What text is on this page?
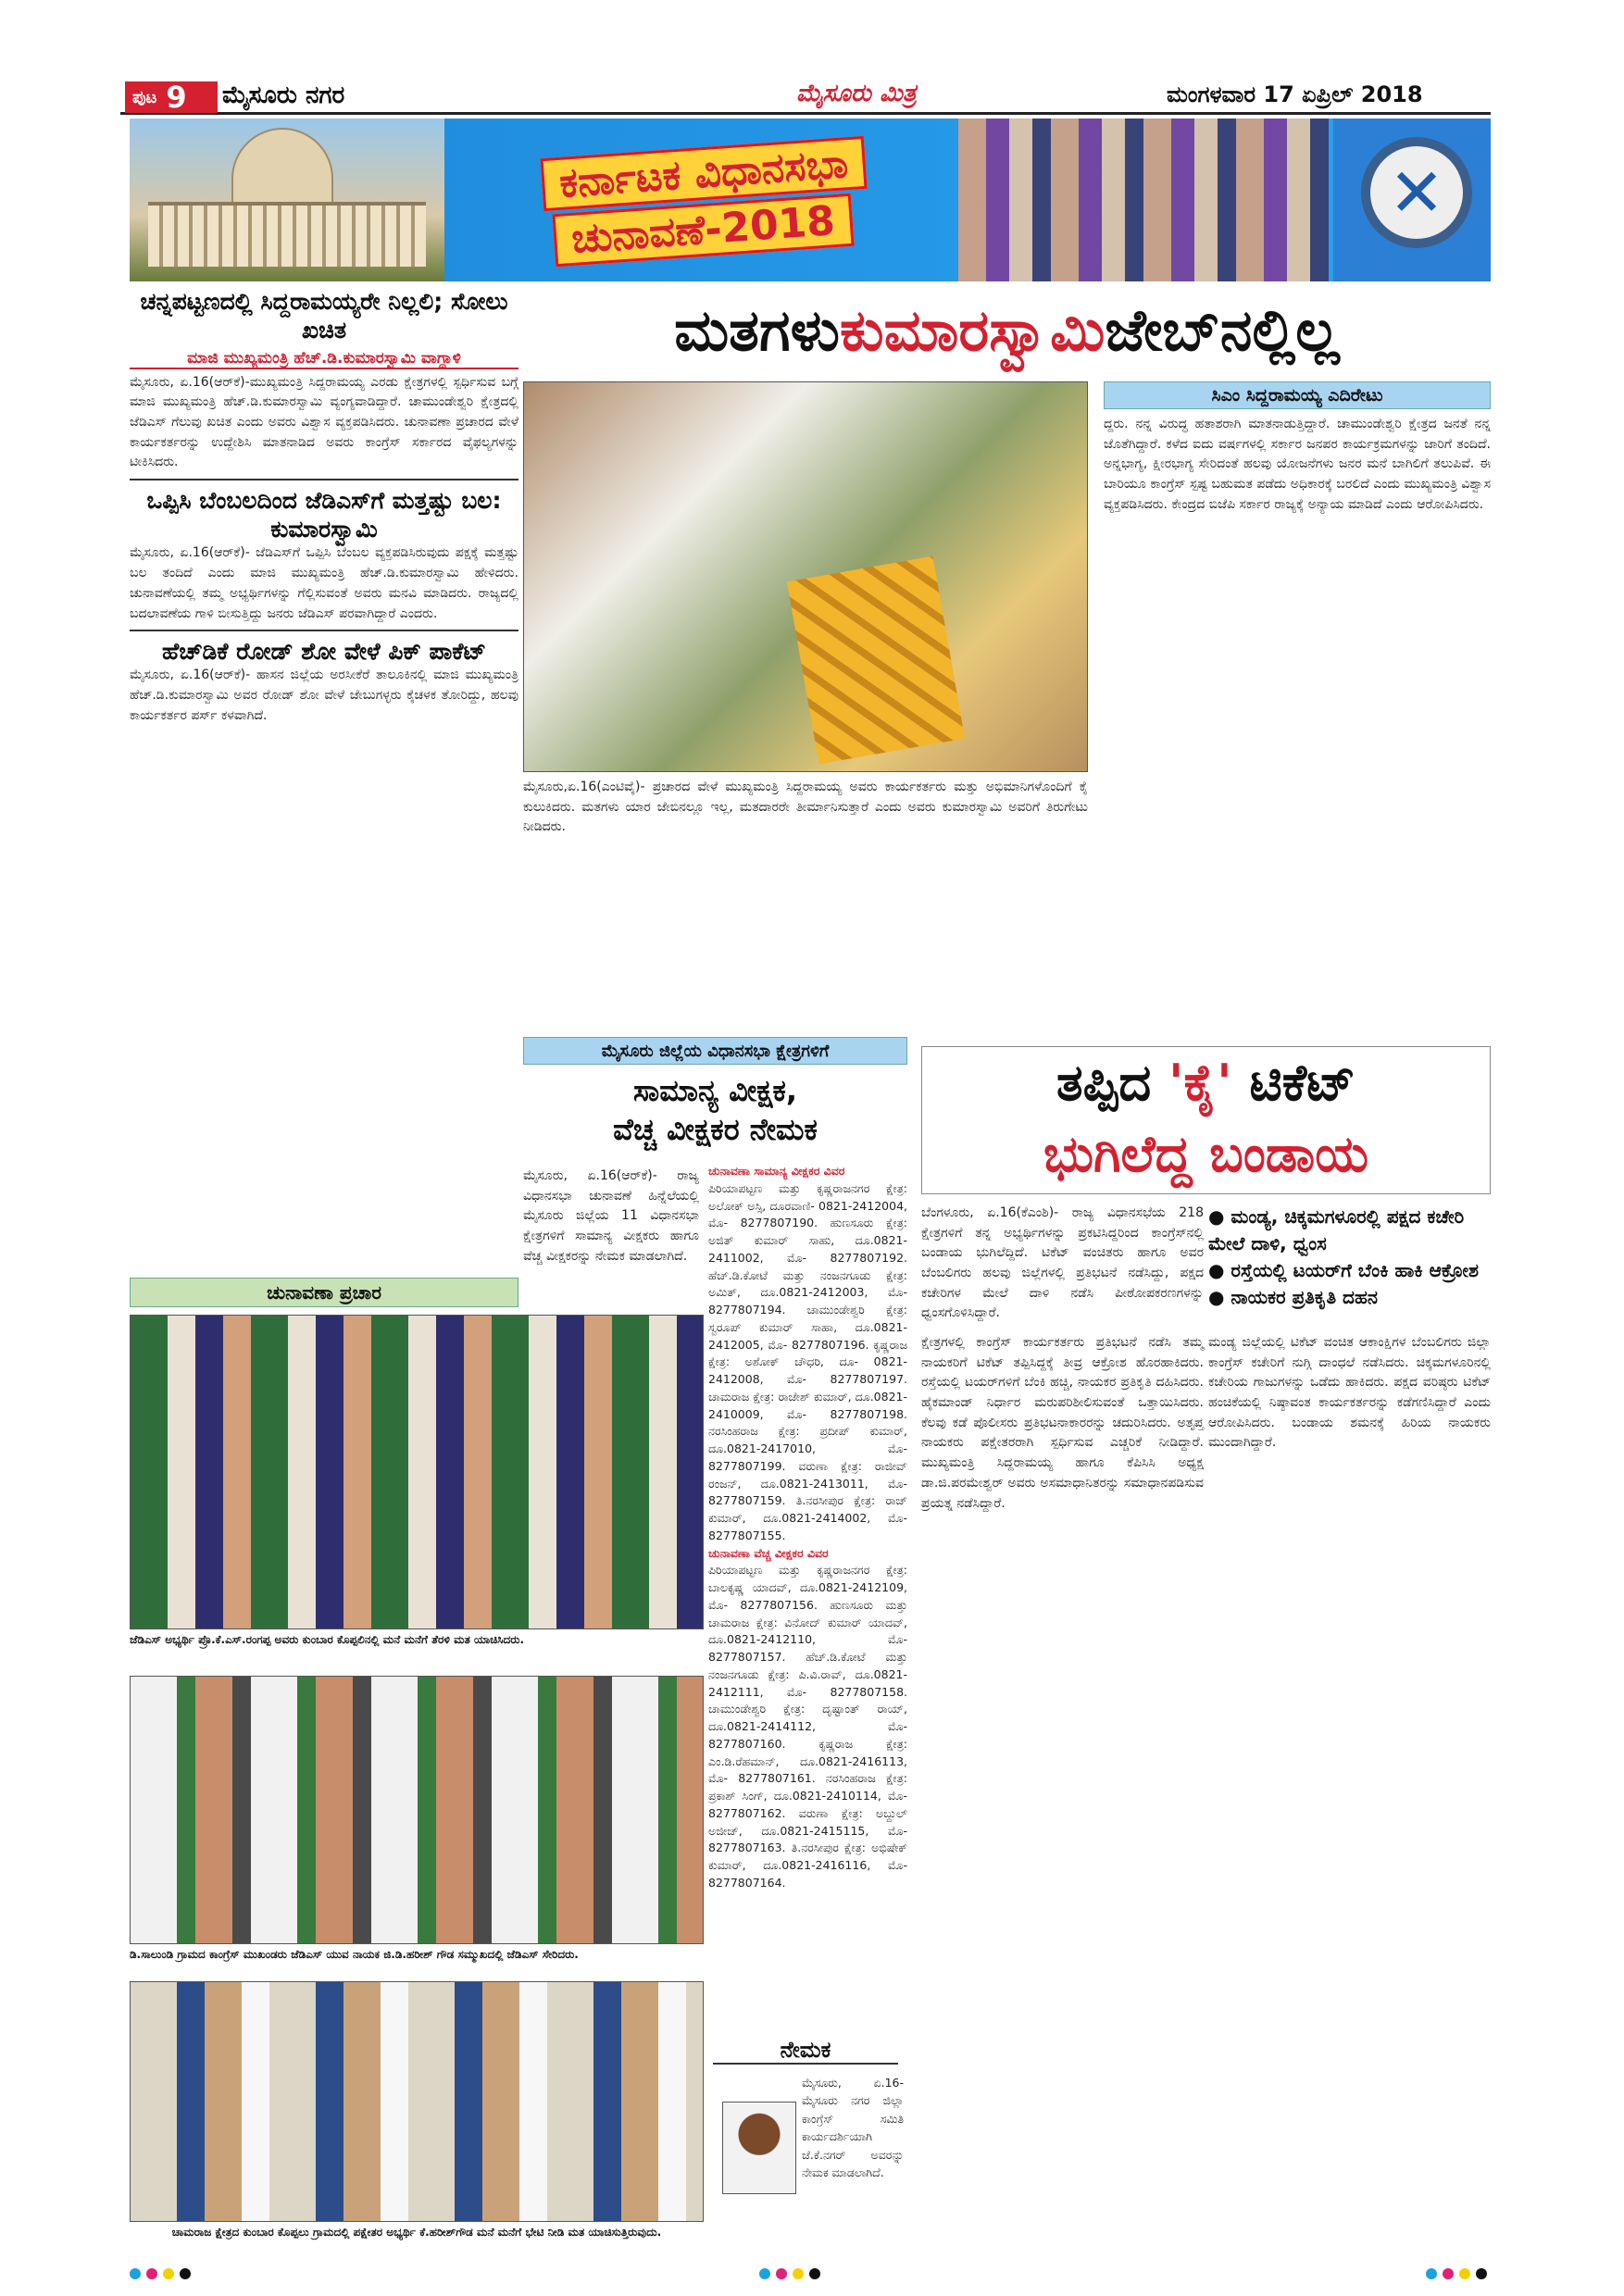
ಪುಟ 9 ಮೈಸೂರು ನಗರ	ಮೈಸೂರು ಮಿತ್ರ	ಮಂಗಳವಾರ 17 ಏಪ್ರಿಲ್ 2018
ಕರ್ನಾಟಕ ವಿಧಾನಸಭಾ
ಚುನಾವಣೆ-2018	✕
ಚನ್ನಪಟ್ಟಣದಲ್ಲಿ ಸಿದ್ದರಾಮಯ್ಯರೇ ನಿಲ್ಲಲಿ; ಸೋಲು ಖಚಿತ
ಮಾಜಿ ಮುಖ್ಯಮಂತ್ರಿ ಹೆಚ್.ಡಿ.ಕುಮಾರಸ್ವಾಮಿ ವಾಗ್ದಾಳಿ
ಮೈಸೂರು, ಏ.16(ಆರ್‌ಕೆ)-ಮುಖ್ಯಮಂತ್ರಿ ಸಿದ್ದರಾಮಯ್ಯ ಎರಡು ಕ್ಷೇತ್ರಗಳಲ್ಲಿ ಸ್ಪರ್ಧಿಸುವ ಬಗ್ಗೆ ಮಾಜಿ ಮುಖ್ಯಮಂತ್ರಿ ಹೆಚ್.ಡಿ.ಕುಮಾರಸ್ವಾಮಿ ವ್ಯಂಗ್ಯವಾಡಿದ್ದಾರೆ. ಚಾಮುಂಡೇಶ್ವರಿ ಕ್ಷೇತ್ರದಲ್ಲಿ ಜೆಡಿಎಸ್ ಗೆಲುವು ಖಚಿತ ಎಂದು ಅವರು ವಿಶ್ವಾಸ ವ್ಯಕ್ತಪಡಿಸಿದರು. ಚುನಾವಣಾ ಪ್ರಚಾರದ ವೇಳೆ ಕಾರ್ಯಕರ್ತರನ್ನು ಉದ್ದೇಶಿಸಿ ಮಾತನಾಡಿದ ಅವರು ಕಾಂಗ್ರೆಸ್ ಸರ್ಕಾರದ ವೈಫಲ್ಯಗಳನ್ನು ಟೀಕಿಸಿದರು.
ಒಪ್ಪಿಸಿ ಬೆಂಬಲದಿಂದ ಜೆಡಿಎಸ್‌ಗೆ ಮತ್ತಷ್ಟು ಬಲ: ಕುಮಾರಸ್ವಾಮಿ
ಮೈಸೂರು, ಏ.16(ಆರ್‌ಕೆ)- ಜೆಡಿಎಸ್‌ಗೆ ಒಪ್ಪಿಸಿ ಬೆಂಬಲ ವ್ಯಕ್ತಪಡಿಸಿರುವುದು ಪಕ್ಷಕ್ಕೆ ಮತ್ತಷ್ಟು ಬಲ ತಂದಿದೆ ಎಂದು ಮಾಜಿ ಮುಖ್ಯಮಂತ್ರಿ ಹೆಚ್.ಡಿ.ಕುಮಾರಸ್ವಾಮಿ ಹೇಳಿದರು. ಚುನಾವಣೆಯಲ್ಲಿ ತಮ್ಮ ಅಭ್ಯರ್ಥಿಗಳನ್ನು ಗೆಲ್ಲಿಸುವಂತೆ ಅವರು ಮನವಿ ಮಾಡಿದರು. ರಾಜ್ಯದಲ್ಲಿ ಬದಲಾವಣೆಯ ಗಾಳಿ ಬೀಸುತ್ತಿದ್ದು ಜನರು ಜೆಡಿಎಸ್ ಪರವಾಗಿದ್ದಾರೆ ಎಂದರು.
ಹೆಚ್‌ಡಿಕೆ ರೋಡ್ ಶೋ ವೇಳೆ ಪಿಕ್ ಪಾಕೆಟ್
ಮೈಸೂರು, ಏ.16(ಆರ್‌ಕೆ)- ಹಾಸನ ಜಿಲ್ಲೆಯ ಅರಸೀಕೆರೆ ತಾಲೂಕಿನಲ್ಲಿ ಮಾಜಿ ಮುಖ್ಯಮಂತ್ರಿ ಹೆಚ್.ಡಿ.ಕುಮಾರಸ್ವಾಮಿ ಅವರ ರೋಡ್ ಶೋ ವೇಳೆ ಜೇಬುಗಳ್ಳರು ಕೈಚಳಕ ತೋರಿದ್ದು, ಹಲವು ಕಾರ್ಯಕರ್ತರ ಪರ್ಸ್ ಕಳವಾಗಿದೆ.
ಮತಗಳು ಕುಮಾರಸ್ವಾಮಿ ಜೇಬ್‌ನಲ್ಲಿಲ್ಲ
ಮೈಸೂರು,ಏ.16(ಎಂಟಿವೈ)- ಪ್ರಚಾರದ ವೇಳೆ ಮುಖ್ಯಮಂತ್ರಿ ಸಿದ್ದರಾಮಯ್ಯ ಅವರು ಕಾರ್ಯಕರ್ತರು ಮತ್ತು ಅಭಿಮಾನಿಗಳೊಂದಿಗೆ ಕೈ ಕುಲುಕಿದರು. ಮತಗಳು ಯಾರ ಜೇಬಿನಲ್ಲೂ ಇಲ್ಲ, ಮತದಾರರೇ ತೀರ್ಮಾನಿಸುತ್ತಾರೆ ಎಂದು ಅವರು ಕುಮಾರಸ್ವಾಮಿ ಅವರಿಗೆ ತಿರುಗೇಟು ನೀಡಿದರು.
ಸಿಎಂ ಸಿದ್ದರಾಮಯ್ಯ ಎದಿರೇಟು
ದ್ದರು. ನನ್ನ ವಿರುದ್ಧ ಹತಾಶರಾಗಿ ಮಾತನಾಡುತ್ತಿದ್ದಾರೆ. ಚಾಮುಂಡೇಶ್ವರಿ ಕ್ಷೇತ್ರದ ಜನತೆ ನನ್ನ ಜೊತೆಗಿದ್ದಾರೆ. ಕಳೆದ ಐದು ವರ್ಷಗಳಲ್ಲಿ ಸರ್ಕಾರ ಜನಪರ ಕಾರ್ಯಕ್ರಮಗಳನ್ನು ಜಾರಿಗೆ ತಂದಿದೆ. ಅನ್ನಭಾಗ್ಯ, ಕ್ಷೀರಭಾಗ್ಯ ಸೇರಿದಂತೆ ಹಲವು ಯೋಜನೆಗಳು ಜನರ ಮನೆ ಬಾಗಿಲಿಗೆ ತಲುಪಿವೆ. ಈ ಬಾರಿಯೂ ಕಾಂಗ್ರೆಸ್ ಸ್ಪಷ್ಟ ಬಹುಮತ ಪಡೆದು ಅಧಿಕಾರಕ್ಕೆ ಬರಲಿದೆ ಎಂದು ಮುಖ್ಯಮಂತ್ರಿ ವಿಶ್ವಾಸ ವ್ಯಕ್ತಪಡಿಸಿದರು. ಕೇಂದ್ರದ ಬಿಜೆಪಿ ಸರ್ಕಾರ ರಾಜ್ಯಕ್ಕೆ ಅನ್ಯಾಯ ಮಾಡಿದೆ ಎಂದು ಆರೋಪಿಸಿದರು.
ಮೈಸೂರು ಜಿಲ್ಲೆಯ ವಿಧಾನಸಭಾ ಕ್ಷೇತ್ರಗಳಿಗೆ
ಸಾಮಾನ್ಯ ವೀಕ್ಷಕ,
ವೆಚ್ಚ ವೀಕ್ಷಕರ ನೇಮಕ
ಮೈಸೂರು, ಏ.16(ಆರ್‌ಕೆ)- ರಾಜ್ಯ ವಿಧಾನಸಭಾ ಚುನಾವಣೆ ಹಿನ್ನೆಲೆಯಲ್ಲಿ ಮೈಸೂರು ಜಿಲ್ಲೆಯ 11 ವಿಧಾನಸಭಾ ಕ್ಷೇತ್ರಗಳಿಗೆ ಸಾಮಾನ್ಯ ವೀಕ್ಷಕರು ಹಾಗೂ ವೆಚ್ಚ ವೀಕ್ಷಕರನ್ನು ನೇಮಕ ಮಾಡಲಾಗಿದೆ.
ಚುನಾವಣಾ ಸಾಮಾನ್ಯ ವೀಕ್ಷಕರ ವಿವರ
ಪಿರಿಯಾಪಟ್ಟಣ ಮತ್ತು ಕೃಷ್ಣರಾಜನಗರ ಕ್ಷೇತ್ರ: ಅಲೋಕ್ ಅಸ್ಸಿ, ದೂರವಾಣಿ- 0821-2412004, ಮೊ- 8277807190. ಹುಣಸೂರು ಕ್ಷೇತ್ರ: ಅಜಿತ್ ಕುಮಾರ್ ಸಾಹು, ದೂ.0821-2411002, ಮೊ- 8277807192. ಹೆಚ್.ಡಿ.ಕೋಟೆ ಮತ್ತು ನಂಜನಗೂಡು ಕ್ಷೇತ್ರ: ಅಮಿತ್, ದೂ.0821-2412003, ಮೊ- 8277807194. ಚಾಮುಂಡೇಶ್ವರಿ ಕ್ಷೇತ್ರ: ಸ್ವರೂಪ್ ಕುಮಾರ್ ಸಾಹಾ, ದೂ.0821-2412005, ಮೊ- 8277807196. ಕೃಷ್ಣರಾಜ ಕ್ಷೇತ್ರ: ಅಶೋಕ್ ಚೌಧರಿ, ದೂ- 0821-2412008, ಮೊ- 8277807197. ಚಾಮರಾಜ ಕ್ಷೇತ್ರ: ರಾಜೇಶ್ ಕುಮಾರ್, ದೂ.0821-2410009, ಮೊ- 8277807198. ನರಸಿಂಹರಾಜ ಕ್ಷೇತ್ರ: ಪ್ರದೀಪ್ ಕುಮಾರ್, ದೂ.0821-2417010, ಮೊ- 8277807199. ವರುಣಾ ಕ್ಷೇತ್ರ: ರಾಜೀವ್ ರಂಜನ್, ದೂ.0821-2413011, ಮೊ- 8277807159. ತಿ.ನರಸೀಪುರ ಕ್ಷೇತ್ರ: ರಾಜ್ ಕುಮಾರ್, ದೂ.0821-2414002, ಮೊ- 8277807155.
ಚುನಾವಣಾ ವೆಚ್ಚ ವೀಕ್ಷಕರ ವಿವರ
ಪಿರಿಯಾಪಟ್ಟಣ ಮತ್ತು ಕೃಷ್ಣರಾಜನಗರ ಕ್ಷೇತ್ರ: ಬಾಲಕೃಷ್ಣ ಯಾದವ್, ದೂ.0821-2412109, ಮೊ- 8277807156. ಹುಣಸೂರು ಮತ್ತು ಚಾಮರಾಜ ಕ್ಷೇತ್ರ: ವಿನೋದ್ ಕುಮಾರ್ ಯಾದವ್, ದೂ.0821-2412110, ಮೊ- 8277807157. ಹೆಚ್.ಡಿ.ಕೋಟೆ ಮತ್ತು ನಂಜನಗೂಡು ಕ್ಷೇತ್ರ: ಪಿ.ವಿ.ರಾವ್, ದೂ.0821-2412111, ಮೊ- 8277807158. ಚಾಮುಂಡೇಶ್ವರಿ ಕ್ಷೇತ್ರ: ದೃಷ್ಟಾಂತ್ ರಾಯ್, ದೂ.0821-2414112, ಮೊ- 8277807160. ಕೃಷ್ಣರಾಜ ಕ್ಷೇತ್ರ: ಎಂ.ಡಿ.ರೆಹಮಾನ್, ದೂ.0821-2416113, ಮೊ- 8277807161. ನರಸಿಂಹರಾಜ ಕ್ಷೇತ್ರ: ಪ್ರಕಾಶ್ ಸಿಂಗ್, ದೂ.0821-2410114, ಮೊ- 8277807162. ವರುಣಾ ಕ್ಷೇತ್ರ: ಅಬ್ದುಲ್ ಅಜೀಜ್, ದೂ.0821-2415115, ಮೊ- 8277807163. ತಿ.ನರಸೀಪುರ ಕ್ಷೇತ್ರ: ಅಭಿಷೇಕ್ ಕುಮಾರ್, ದೂ.0821-2416116, ಮೊ- 8277807164.
ಚುನಾವಣಾ ಪ್ರಚಾರ
ಜೆಡಿಎಸ್ ಅಭ್ಯರ್ಥಿ ಪ್ರೊ.ಕೆ.ಎಸ್.ರಂಗಪ್ಪ ಅವರು ಕುಂಬಾರ ಕೊಪ್ಪಲಿನಲ್ಲಿ ಮನೆ ಮನೆಗೆ ತೆರಳಿ ಮತ ಯಾಚಿಸಿದರು.
ಡಿ.ಸಾಲುಂಡಿ ಗ್ರಾಮದ ಕಾಂಗ್ರೆಸ್ ಮುಖಂಡರು ಜೆಡಿಎಸ್ ಯುವ ನಾಯಕ ಜಿ.ಡಿ.ಹರೀಶ್ ಗೌಡ ಸಮ್ಮುಖದಲ್ಲಿ ಜೆಡಿಎಸ್ ಸೇರಿದರು.
ಚಾಮರಾಜ ಕ್ಷೇತ್ರದ ಕುಂಬಾರ ಕೊಪ್ಪಲು ಗ್ರಾಮದಲ್ಲಿ ಪಕ್ಷೇತರ ಅಭ್ಯರ್ಥಿ ಕೆ.ಹರೀಶ್‌ಗೌಡ ಮನೆ ಮನೆಗೆ ಭೇಟಿ ನೀಡಿ ಮತ ಯಾಚಿಸುತ್ತಿರುವುದು.
ನೇಮಕ
ಮೈಸೂರು, ಏ.16- ಮೈಸೂರು ನಗರ ಜಿಲ್ಲಾ ಕಾಂಗ್ರೆಸ್ ಸಮಿತಿ ಕಾರ್ಯದರ್ಶಿಯಾಗಿ ಜೆ.ಕೆ.ನಗರ್ ಅವರನ್ನು ನೇಮಕ ಮಾಡಲಾಗಿದೆ.
ತಪ್ಪಿದ 'ಕೈ' ಟಿಕೆಟ್
ಭುಗಿಲೆದ್ದ ಬಂಡಾಯ
ಬೆಂಗಳೂರು, ಏ.16(ಕೆಎಂಶಿ)- ರಾಜ್ಯ ವಿಧಾನಸಭೆಯ 218 ಕ್ಷೇತ್ರಗಳಿಗೆ ತನ್ನ ಅಭ್ಯರ್ಥಿಗಳನ್ನು ಪ್ರಕಟಿಸಿದ್ದರಿಂದ ಕಾಂಗ್ರೆಸ್‌ನಲ್ಲಿ ಬಂಡಾಯ ಭುಗಿಲೆದ್ದಿದೆ. ಟಿಕೆಟ್ ವಂಚಿತರು ಹಾಗೂ ಅವರ ಬೆಂಬಲಿಗರು ಹಲವು ಜಿಲ್ಲೆಗಳಲ್ಲಿ ಪ್ರತಿಭಟನೆ ನಡೆಸಿದ್ದು, ಪಕ್ಷದ ಕಚೇರಿಗಳ ಮೇಲೆ ದಾಳಿ ನಡೆಸಿ ಪೀಠೋಪಕರಣಗಳನ್ನು ಧ್ವಂಸಗೊಳಿಸಿದ್ದಾರೆ.
● ಮಂಡ್ಯ, ಚಿಕ್ಕಮಗಳೂರಲ್ಲಿ ಪಕ್ಷದ ಕಚೇರಿ ಮೇಲೆ ದಾಳಿ, ಧ್ವಂಸ
● ರಸ್ತೆಯಲ್ಲಿ ಟಯರ್‌ಗೆ ಬೆಂಕಿ ಹಾಕಿ ಆಕ್ರೋಶ
● ನಾಯಕರ ಪ್ರತಿಕೃತಿ ದಹನ
ಕ್ಷೇತ್ರಗಳಲ್ಲಿ ಕಾಂಗ್ರೆಸ್ ಕಾರ್ಯಕರ್ತರು ಪ್ರತಿಭಟನೆ ನಡೆಸಿ ತಮ್ಮ ನಾಯಕರಿಗೆ ಟಿಕೆಟ್ ತಪ್ಪಿಸಿದ್ದಕ್ಕೆ ತೀವ್ರ ಆಕ್ರೋಶ ಹೊರಹಾಕಿದರು. ರಸ್ತೆಯಲ್ಲಿ ಟಯರ್‌ಗಳಿಗೆ ಬೆಂಕಿ ಹಚ್ಚಿ, ನಾಯಕರ ಪ್ರತಿಕೃತಿ ದಹಿಸಿದರು. ಹೈಕಮಾಂಡ್ ನಿರ್ಧಾರ ಮರುಪರಿಶೀಲಿಸುವಂತೆ ಒತ್ತಾಯಿಸಿದರು. ಕೆಲವು ಕಡೆ ಪೊಲೀಸರು ಪ್ರತಿಭಟನಾಕಾರರನ್ನು ಚದುರಿಸಿದರು. ಅತೃಪ್ತ ನಾಯಕರು ಪಕ್ಷೇತರರಾಗಿ ಸ್ಪರ್ಧಿಸುವ ಎಚ್ಚರಿಕೆ ನೀಡಿದ್ದಾರೆ. ಮುಖ್ಯಮಂತ್ರಿ ಸಿದ್ದರಾಮಯ್ಯ ಹಾಗೂ ಕೆಪಿಸಿಸಿ ಅಧ್ಯಕ್ಷ ಡಾ.ಜಿ.ಪರಮೇಶ್ವರ್ ಅವರು ಅಸಮಾಧಾನಿತರನ್ನು ಸಮಾಧಾನಪಡಿಸುವ ಪ್ರಯತ್ನ ನಡೆಸಿದ್ದಾರೆ.
ಮಂಡ್ಯ ಜಿಲ್ಲೆಯಲ್ಲಿ ಟಿಕೆಟ್ ವಂಚಿತ ಆಕಾಂಕ್ಷಿಗಳ ಬೆಂಬಲಿಗರು ಜಿಲ್ಲಾ ಕಾಂಗ್ರೆಸ್ ಕಚೇರಿಗೆ ನುಗ್ಗಿ ದಾಂಧಲೆ ನಡೆಸಿದರು. ಚಿಕ್ಕಮಗಳೂರಿನಲ್ಲಿ ಕಚೇರಿಯ ಗಾಜುಗಳನ್ನು ಒಡೆದು ಹಾಕಿದರು. ಪಕ್ಷದ ವರಿಷ್ಠರು ಟಿಕೆಟ್ ಹಂಚಿಕೆಯಲ್ಲಿ ನಿಷ್ಠಾವಂತ ಕಾರ್ಯಕರ್ತರನ್ನು ಕಡೆಗಣಿಸಿದ್ದಾರೆ ಎಂದು ಆರೋಪಿಸಿದರು. ಬಂಡಾಯ ಶಮನಕ್ಕೆ ಹಿರಿಯ ನಾಯಕರು ಮುಂದಾಗಿದ್ದಾರೆ.
